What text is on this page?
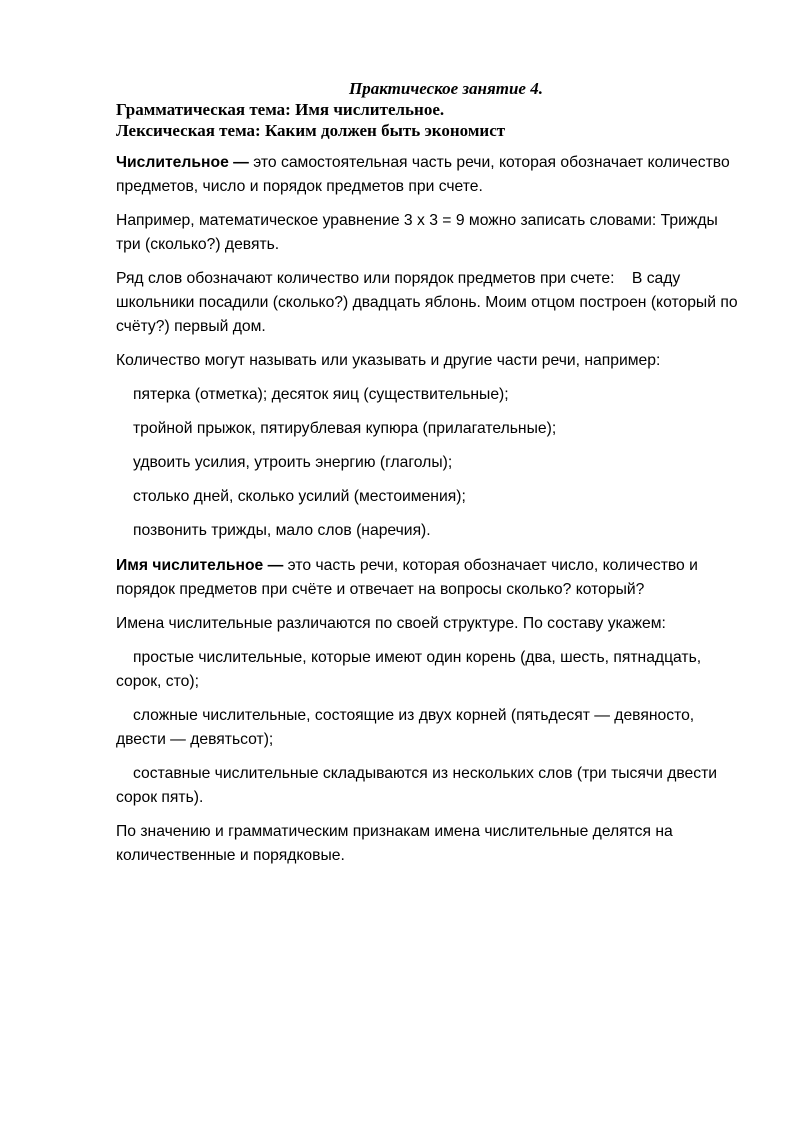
Практическое занятие 4.
Грамматическая тема: Имя числительное.
Лексическая тема: Каким должен быть экономист

Числительное — это самостоятельная часть речи, которая обозначает количество предметов, число и порядок предметов при счете.

Например, математическое уравнение 3 x 3 = 9 можно записать словами: Трижды три (сколько?) девять.

Ряд слов обозначают количество или порядок предметов при счете:    В саду школьники посадили (сколько?) двадцать яблонь. Моим отцом построен (который по счёту?) первый дом.

Количество могут называть или указывать и другие части речи, например:

пятерка (отметка); десяток яиц (существительные);

тройной прыжок, пятирублевая купюра (прилагательные);

удвоить усилия, утроить энергию (глаголы);

столько дней, сколько усилий (местоимения);

позвонить трижды, мало слов (наречия).

Имя числительное — это часть речи, которая обозначает число, количество и порядок предметов при счёте и отвечает на вопросы сколько? который?

Имена числительные различаются по своей структуре. По составу укажем:

простые числительные, которые имеют один корень (два, шесть, пятнадцать, сорок, сто);

сложные числительные, состоящие из двух корней (пятьдесят — девяносто, двести — девятьсот);

составные числительные складываются из нескольких слов (три тысячи двести сорок пять).

По значению и грамматическим признакам имена числительные делятся на количественные и порядковые.
